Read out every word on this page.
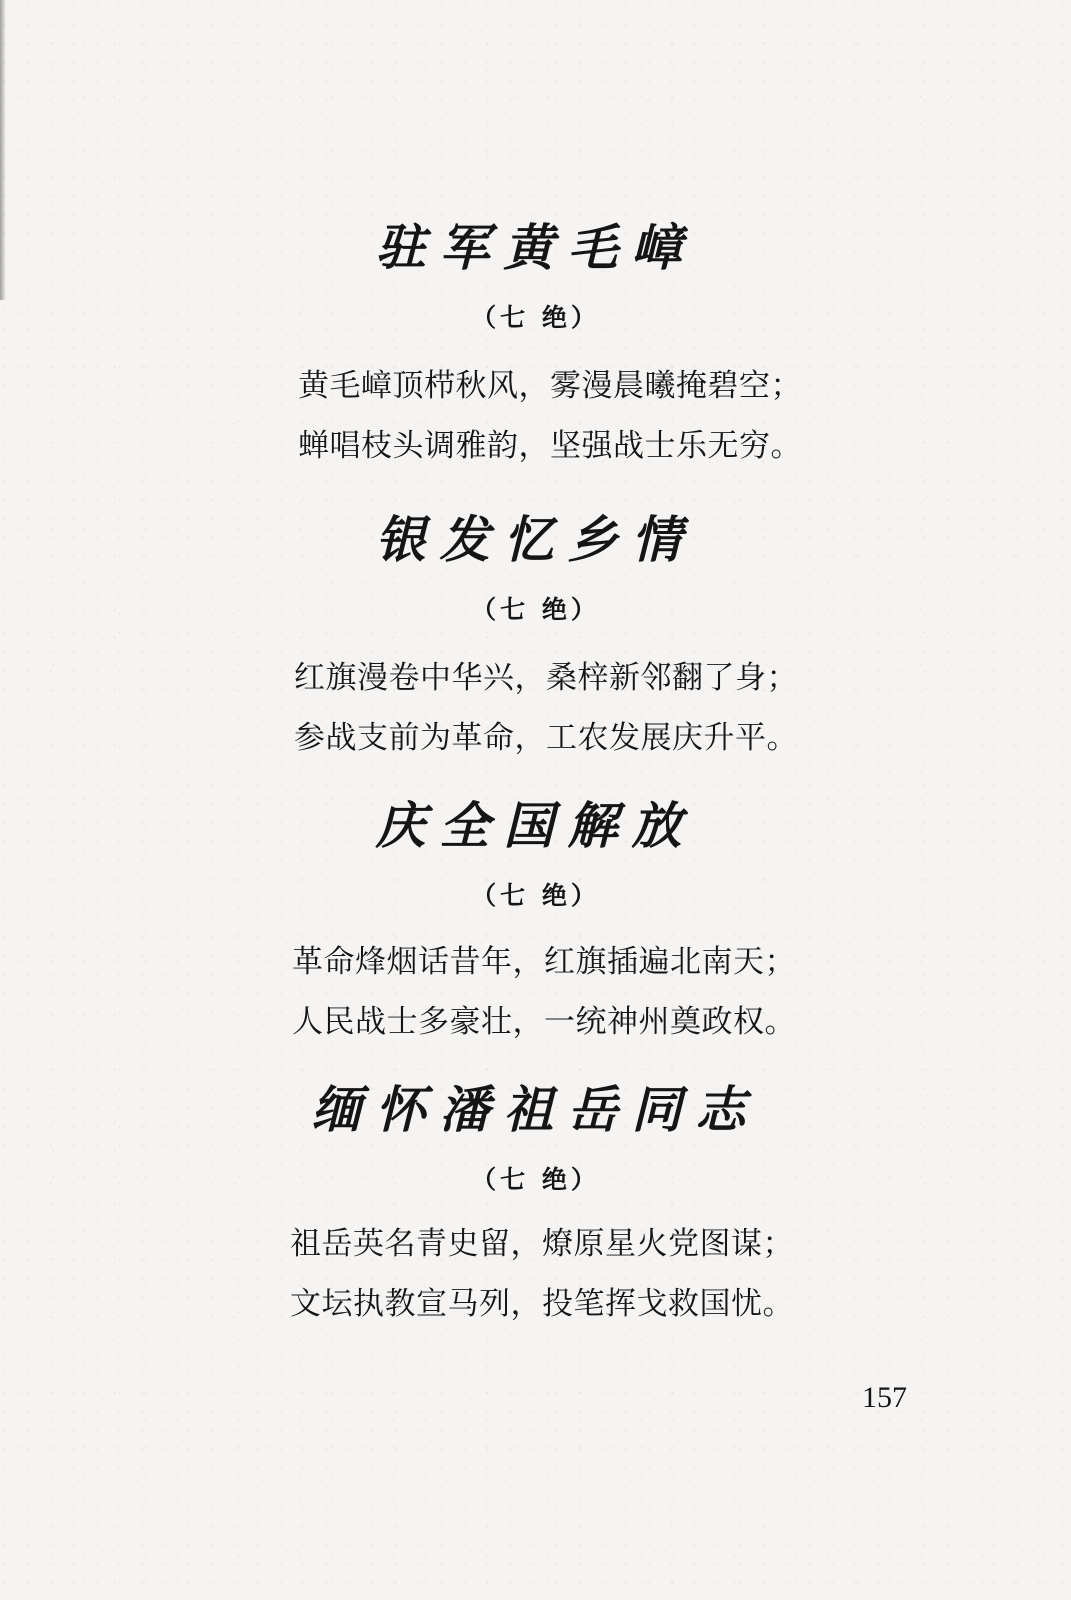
驻军黄毛嶂
（七 绝）
黄毛嶂顶栉秋风，雾漫晨曦掩碧空；
蝉唱枝头调雅韵，坚强战士乐无穷。
银发忆乡情
（七 绝）
红旗漫卷中华兴，桑梓新邻翻了身；
参战支前为革命，工农发展庆升平。
庆全国解放
（七 绝）
革命烽烟话昔年，红旗插遍北南天；
人民战士多豪壮，一统神州奠政权。
缅怀潘祖岳同志
（七 绝）
祖岳英名青史留，燎原星火党图谋；
文坛执教宣马列，投笔挥戈救国忧。
157
